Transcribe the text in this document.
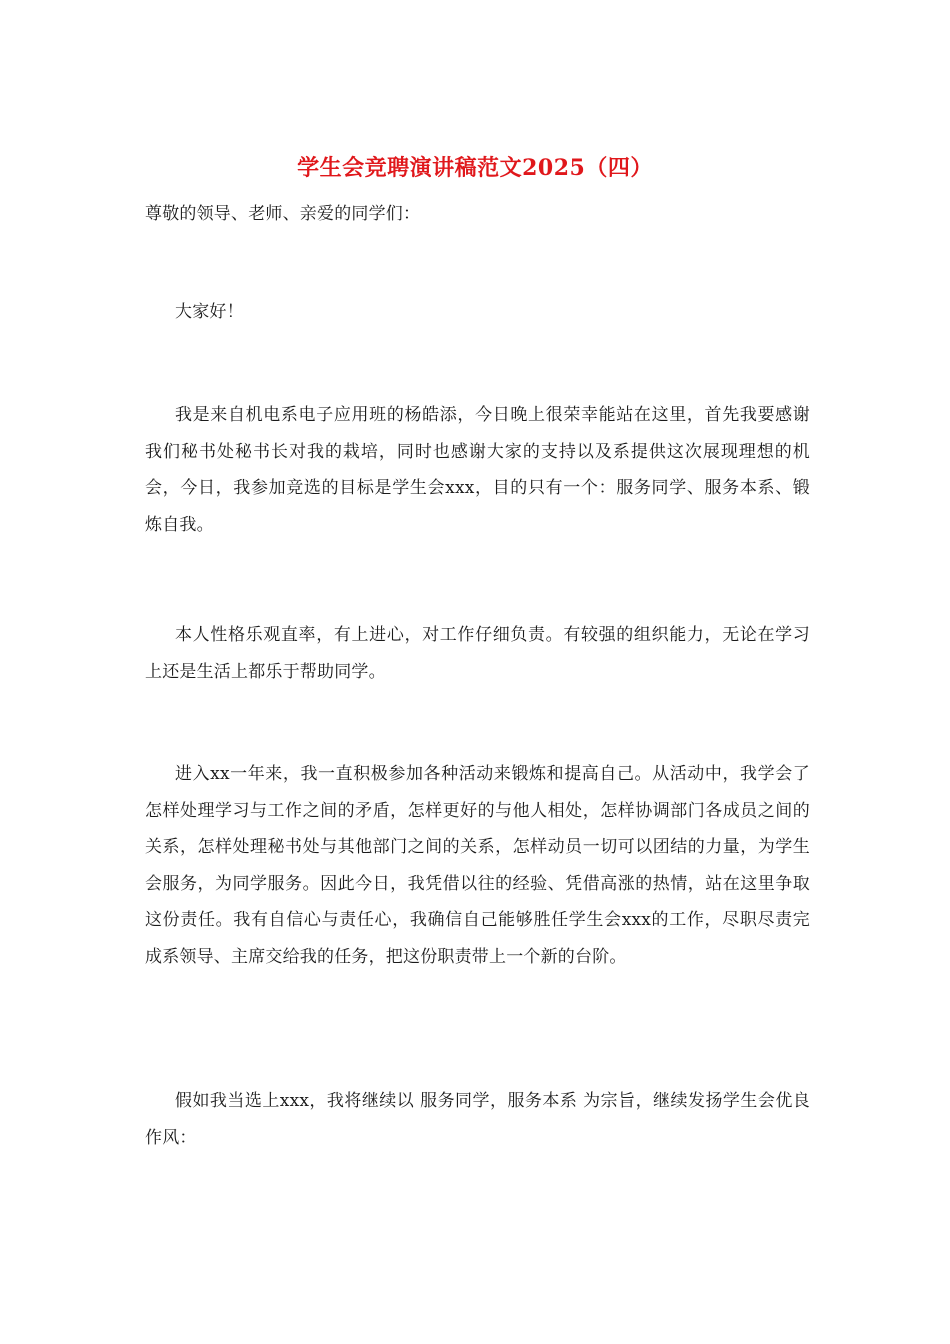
学生会竞聘演讲稿范文2025（四）

尊敬的领导、老师、亲爱的同学们：

大家好！

我是来自机电系电子应用班的杨皓添，今日晚上很荣幸能站在这里，首先我要感谢我们秘书处秘书长对我的栽培，同时也感谢大家的支持以及系提供这次展现理想的机会，今日，我参加竞选的目标是学生会xxx，目的只有一个：服务同学、服务本系、锻炼自我。

本人性格乐观直率，有上进心，对工作仔细负责。有较强的组织能力，无论在学习上还是生活上都乐于帮助同学。

进入xx一年来，我一直积极参加各种活动来锻炼和提高自己。从活动中，我学会了怎样处理学习与工作之间的矛盾，怎样更好的与他人相处，怎样协调部门各成员之间的关系，怎样处理秘书处与其他部门之间的关系，怎样动员一切可以团结的力量，为学生会服务，为同学服务。因此今日，我凭借以往的经验、凭借高涨的热情，站在这里争取这份责任。我有自信心与责任心，我确信自己能够胜任学生会xxx的工作，尽职尽责完成系领导、主席交给我的任务，把这份职责带上一个新的台阶。

假如我当选上xxx，我将继续以 服务同学，服务本系 为宗旨，继续发扬学生会优良作风：
